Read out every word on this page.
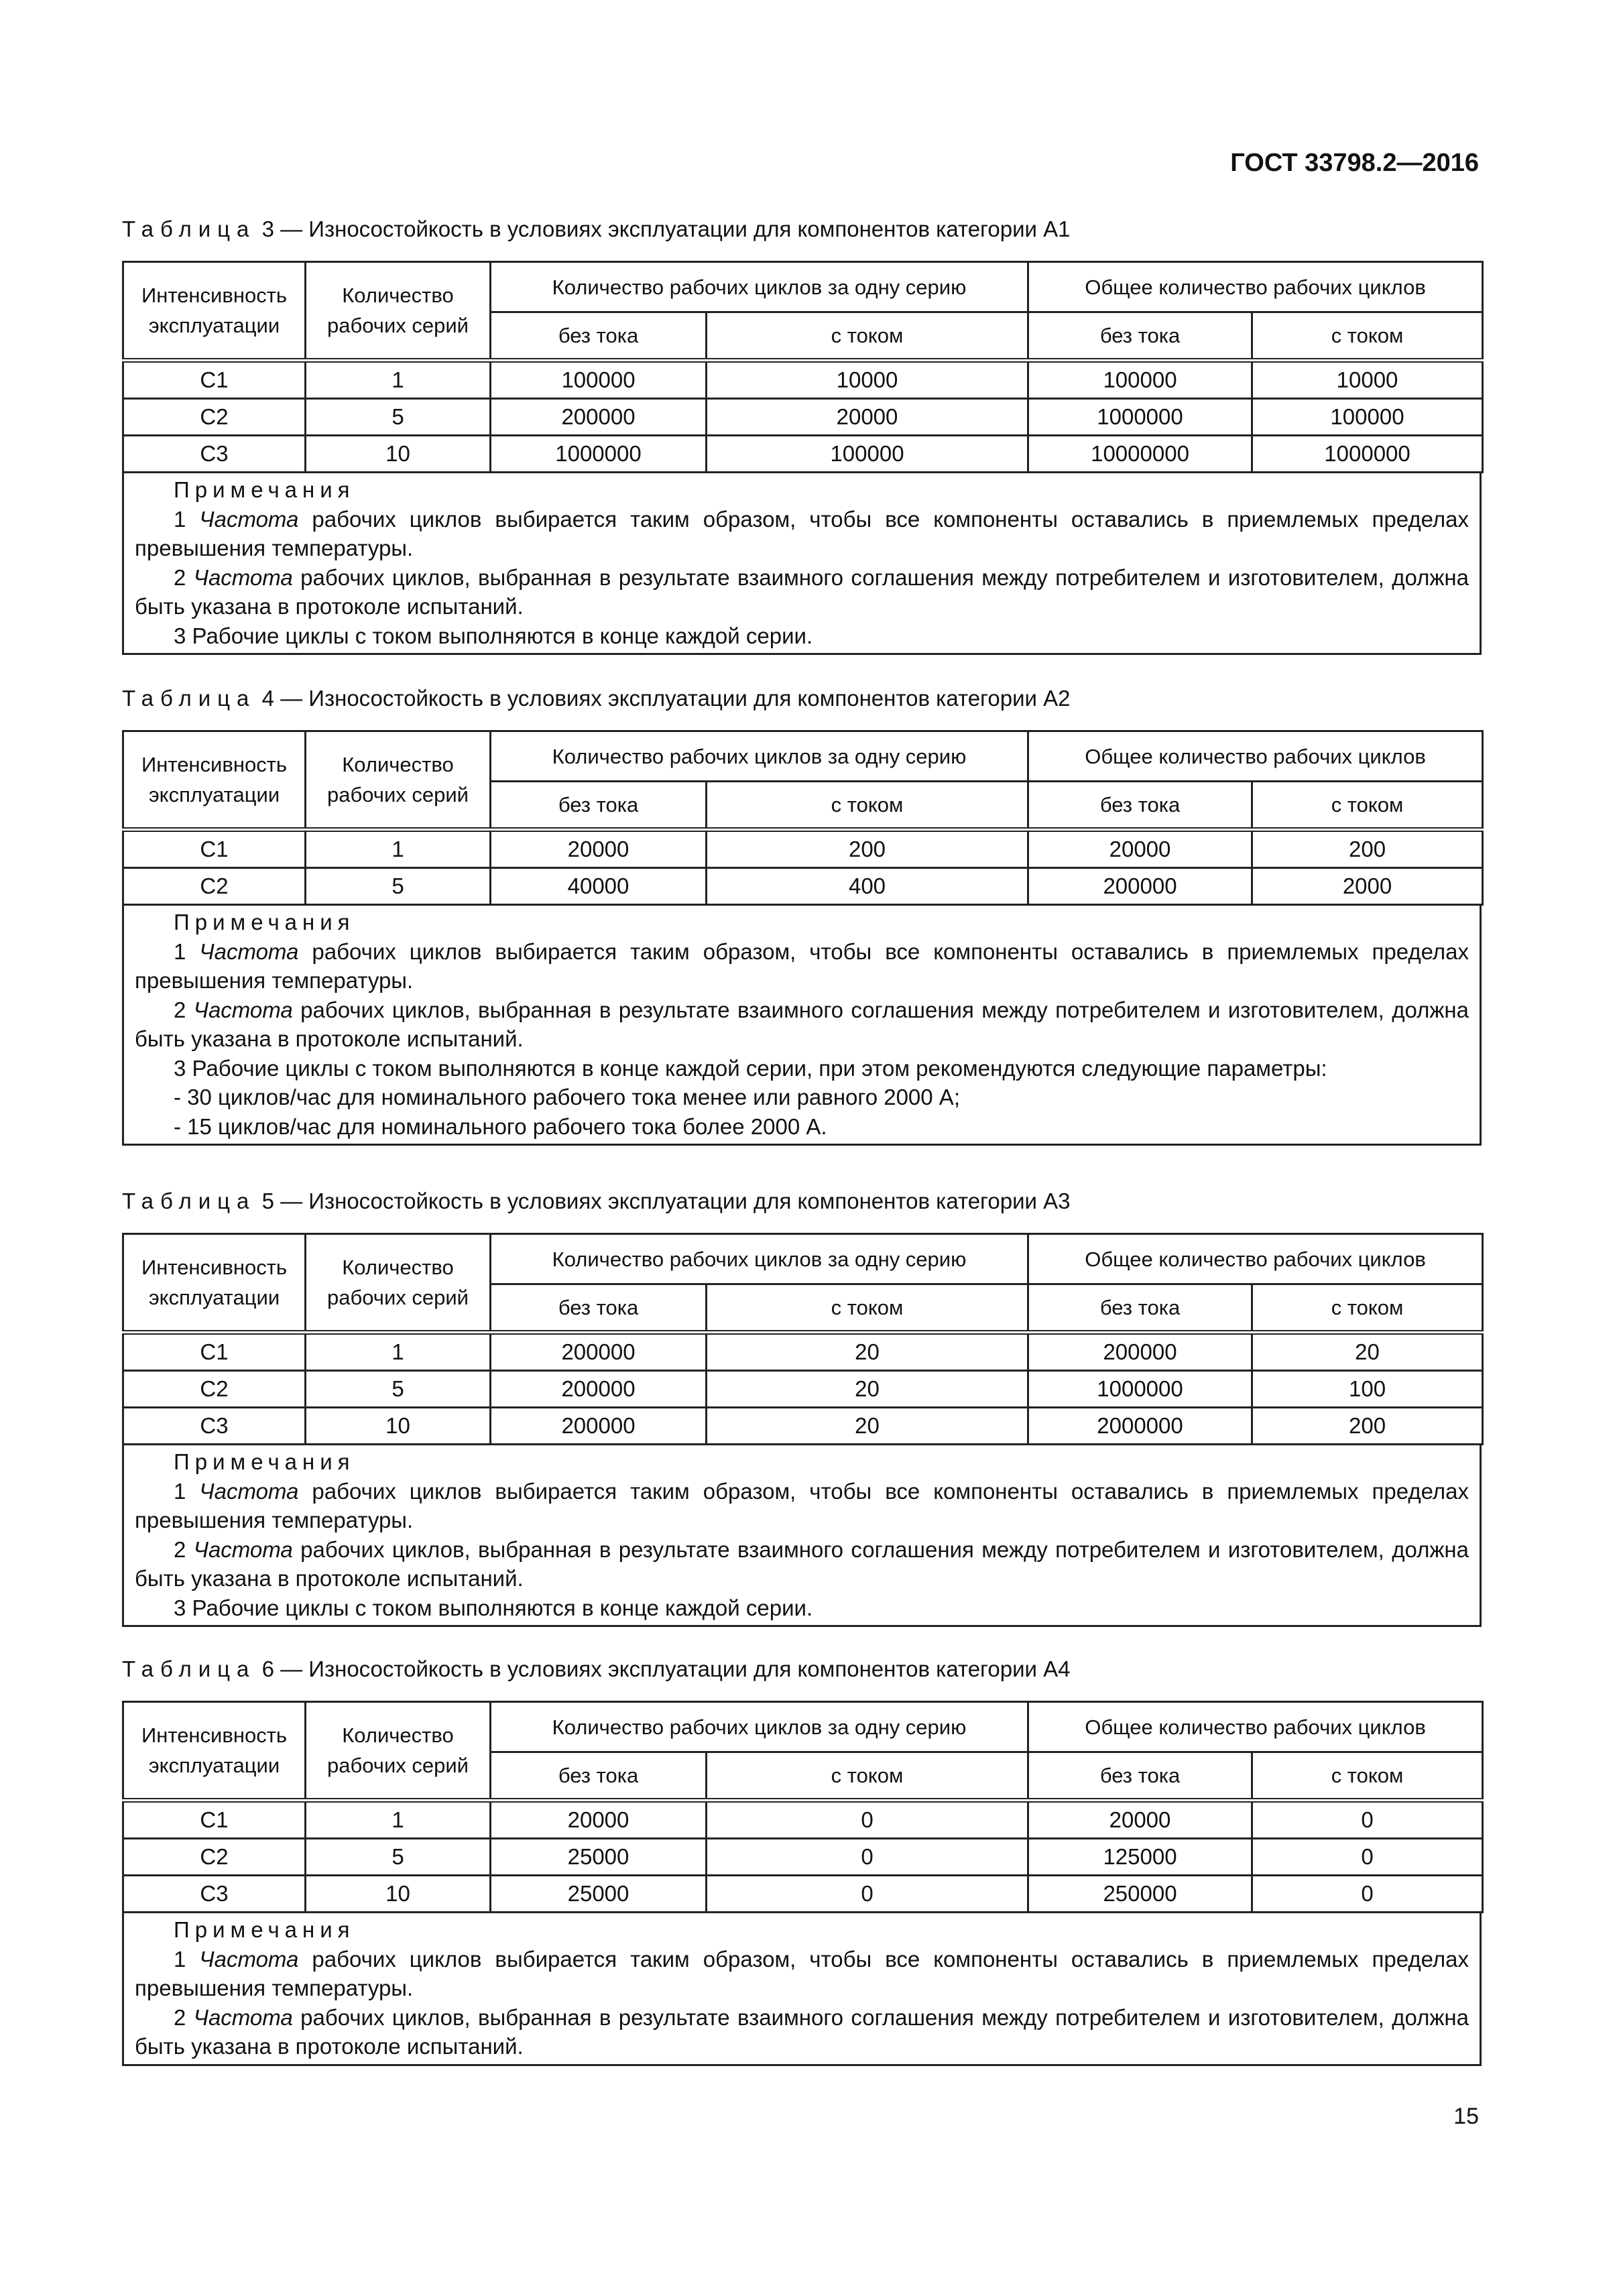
ГОСТ 33798.2—2016
Таблица 3 — Износостойкость в условиях эксплуатации для компонентов категории А1
Интенсивность эксплуатации	Количество рабочих серий	Количество рабочих циклов за одну серию		Общее количество рабочих циклов	
		без тока	с током	без тока	с током
С1	1	100000	10000	100000	10000
С2	5	200000	20000	1000000	100000
С3	10	1000000	100000	10000000	1000000

Примечания

1 Частота рабочих циклов выбирается таким образом, чтобы все компоненты оставались в приемлемых пределах превышения температуры.

2 Частота рабочих циклов, выбранная в результате взаимного соглашения между потребителем и изготовителем, должна быть указана в протоколе испытаний.

3 Рабочие циклы с током выполняются в конце каждой серии.

Таблица 4 — Износостойкость в условиях эксплуатации для компонентов категории А2
Интенсивность эксплуатации	Количество рабочих серий	Количество рабочих циклов за одну серию		Общее количество рабочих циклов	
		без тока	с током	без тока	с током
С1	1	20000	200	20000	200
С2	5	40000	400	200000	2000

Примечания

1 Частота рабочих циклов выбирается таким образом, чтобы все компоненты оставались в приемлемых пределах превышения температуры.

2 Частота рабочих циклов, выбранная в результате взаимного соглашения между потребителем и изготовителем, должна быть указана в протоколе испытаний.

3 Рабочие циклы с током выполняются в конце каждой серии, при этом рекомендуются следующие параметры:

- 30 циклов/час для номинального рабочего тока менее или равного 2000 А;

- 15 циклов/час для номинального рабочего тока более 2000 А.

Таблица 5 — Износостойкость в условиях эксплуатации для компонентов категории А3
Интенсивность эксплуатации	Количество рабочих серий	Количество рабочих циклов за одну серию		Общее количество рабочих циклов	
		без тока	с током	без тока	с током
С1	1	200000	20	200000	20
С2	5	200000	20	1000000	100
С3	10	200000	20	2000000	200

Примечания

1 Частота рабочих циклов выбирается таким образом, чтобы все компоненты оставались в приемлемых пределах превышения температуры.

2 Частота рабочих циклов, выбранная в результате взаимного соглашения между потребителем и изготовителем, должна быть указана в протоколе испытаний.

3 Рабочие циклы с током выполняются в конце каждой серии.

Таблица 6 — Износостойкость в условиях эксплуатации для компонентов категории А4
Интенсивность эксплуатации	Количество рабочих серий	Количество рабочих циклов за одну серию		Общее количество рабочих циклов	
		без тока	с током	без тока	с током
С1	1	20000	0	20000	0
С2	5	25000	0	125000	0
С3	10	25000	0	250000	0

Примечания

1 Частота рабочих циклов выбирается таким образом, чтобы все компоненты оставались в приемлемых пределах превышения температуры.

2 Частота рабочих циклов, выбранная в результате взаимного соглашения между потребителем и изготовителем, должна быть указана в протоколе испытаний.

15
